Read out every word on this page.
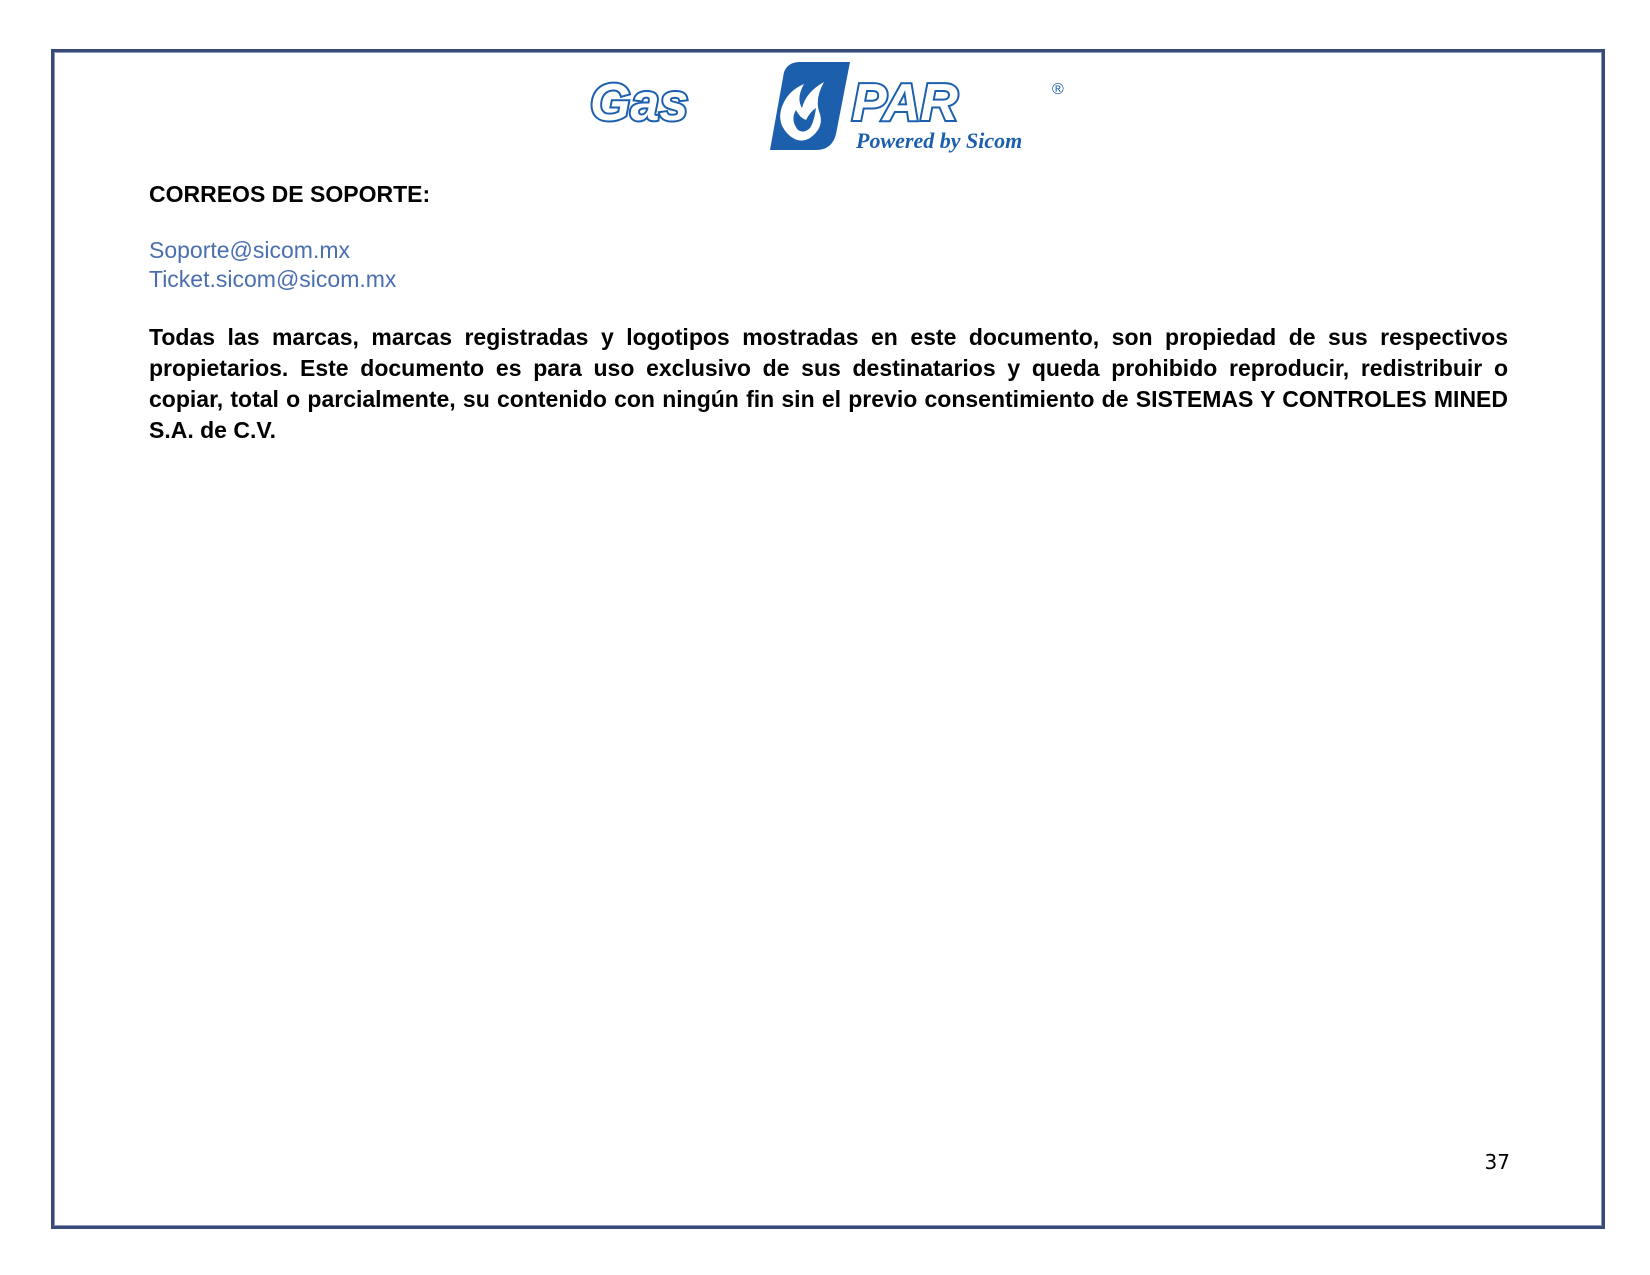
Gas	PAR	®
Powered by Sicom
CORREOS DE SOPORTE:
Soporte@sicom.mx
Ticket.sicom@sicom.mx

Todas las marcas, marcas registradas y logotipos mostradas en este documento, son propiedad de sus respectivos propietarios. Este documento es para uso exclusivo de sus destinatarios y queda prohibido reproducir, redistribuir o copiar, total o parcialmente, su contenido con ningún fin sin el previo consentimiento de SISTEMAS Y CONTROLES MINED S.A. de C.V.

37
